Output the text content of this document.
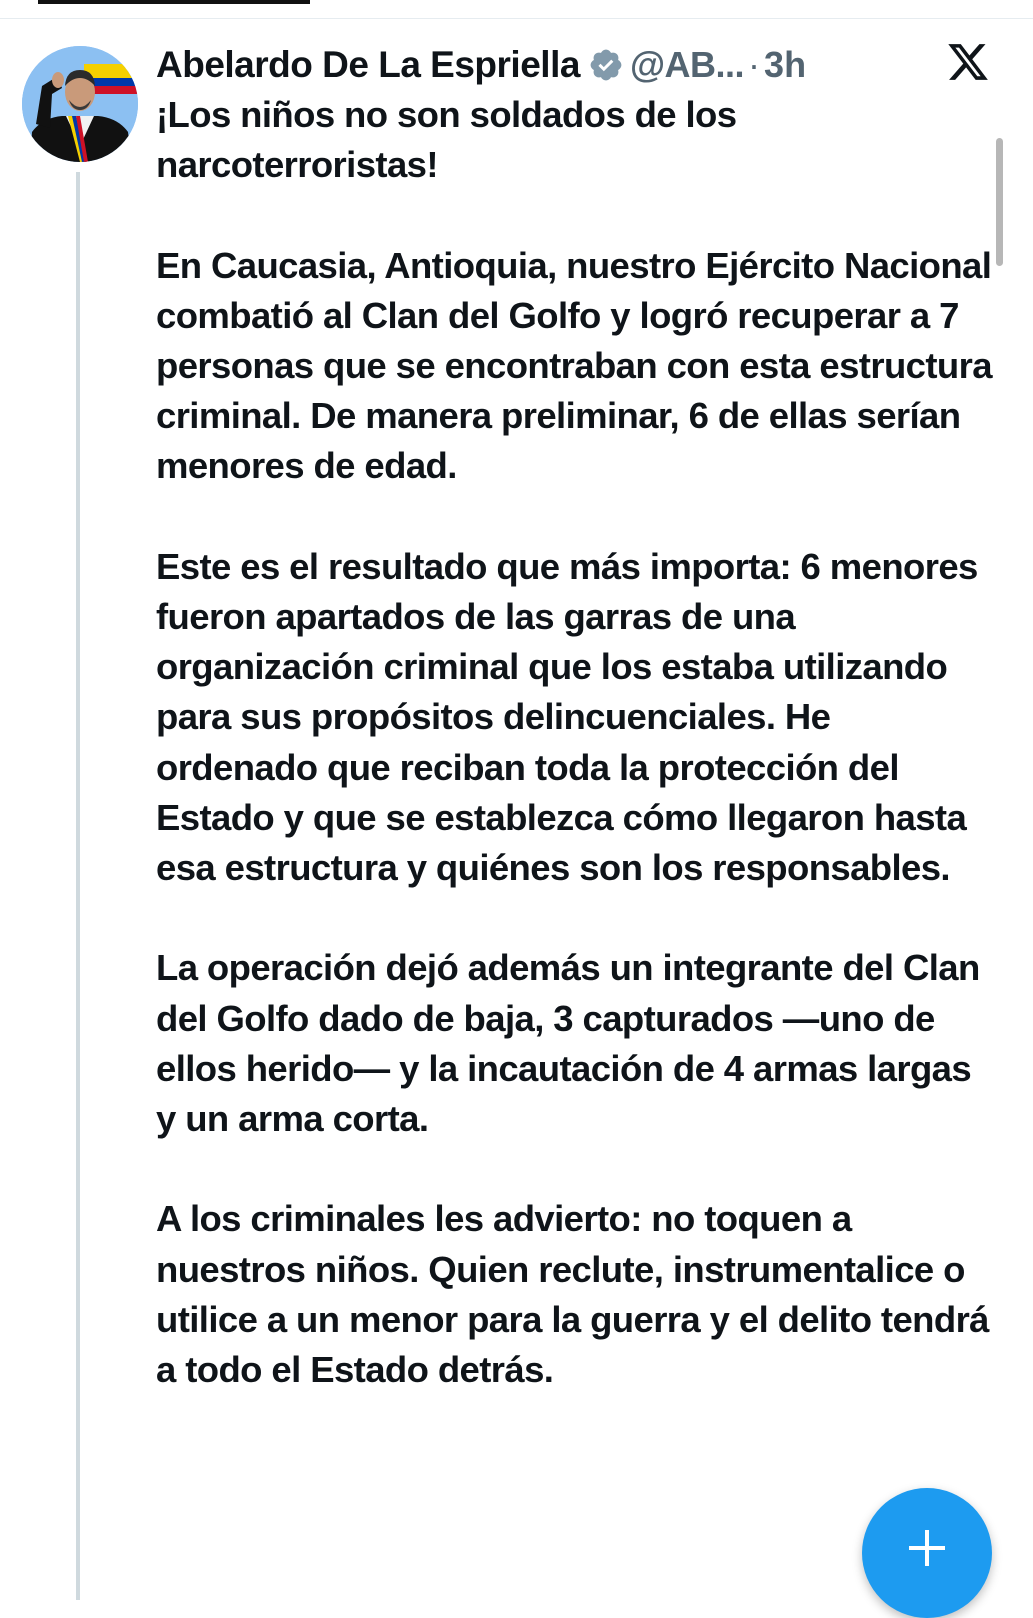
Abelardo De La Espriella @AB... · 3h

¡Los niños no son soldados de los narcoterroristas!

En Caucasia, Antioquia, nuestro Ejército Nacional combatió al Clan del Golfo y logró recuperar a 7 personas que se encontraban con esta estructura criminal. De manera preliminar, 6 de ellas serían menores de edad.

Este es el resultado que más importa: 6 menores fueron apartados de las garras de una organización criminal que los estaba utilizando para sus propósitos delincuenciales. He ordenado que reciban toda la protección del Estado y que se establezca cómo llegaron hasta esa estructura y quiénes son los responsables.

La operación dejó además un integrante del Clan del Golfo dado de baja, 3 capturados —uno de ellos herido— y la incautación de 4 armas largas y un arma corta.

A los criminales les advierto: no toquen a nuestros niños. Quien reclute, instrumentalice o utilice a un menor para la guerra y el delito tendrá a todo el Estado detrás.
